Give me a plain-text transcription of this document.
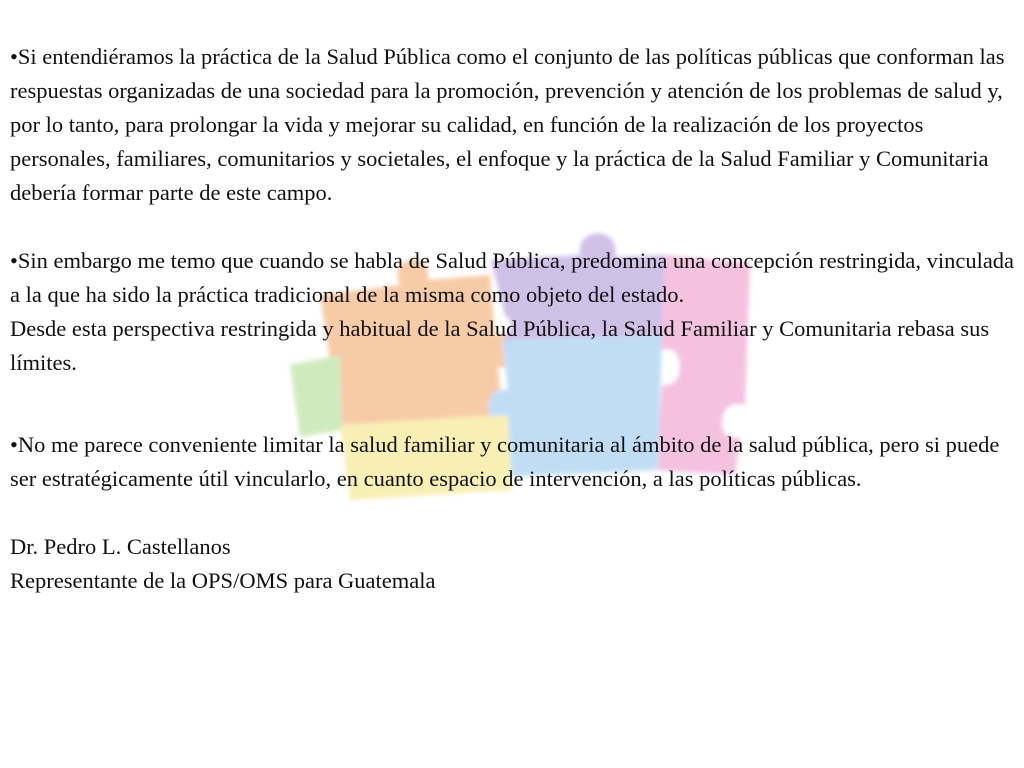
•Si entendiéramos la práctica de la Salud Pública como el conjunto de las políticas públicas que conforman las respuestas organizadas de una sociedad para la promoción, prevención y atención de los problemas de salud y, por lo tanto, para prolongar la vida y mejorar su calidad, en función de la realización de los proyectos personales, familiares, comunitarios y societales, el enfoque y la práctica de la Salud Familiar y Comunitaria debería formar parte de este campo.

•Sin embargo me temo que cuando se habla de Salud Pública, predomina una concepción restringida, vinculada a la que ha sido la práctica tradicional de la misma como objeto del estado.

Desde esta perspectiva restringida y habitual de la Salud Pública, la Salud Familiar y Comunitaria rebasa sus límites.

•No me parece conveniente limitar la salud familiar y comunitaria al ámbito de la salud pública, pero si puede ser estratégicamente útil vincularlo, en cuanto espacio de intervención, a las políticas públicas.

Dr. Pedro L. Castellanos

Representante de la OPS/OMS para Guatemala
